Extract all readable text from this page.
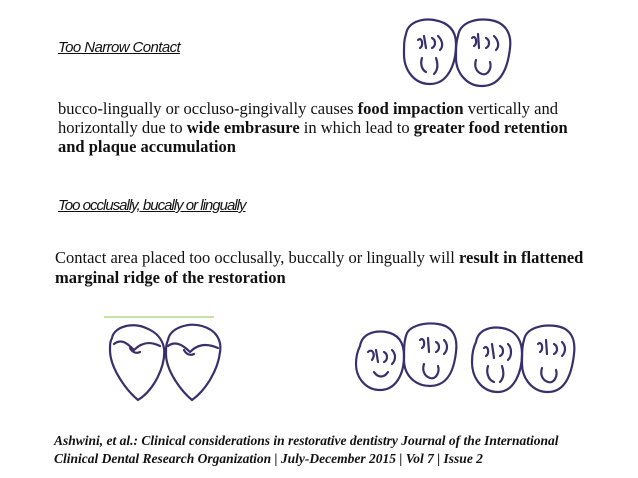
Too Narrow Contact
bucco-lingually or occluso-gingivally causes food impaction vertically and horizontally due to wide embrasure in which lead to greater food retention and plaque accumulation
Too occlusally, bucally or lingually
Contact area placed too occlusally, buccally or lingually will result in flattened marginal ridge of the restoration
Ashwini, et al.: Clinical considerations in restorative dentistry Journal of the International
Clinical Dental Research Organization | July-December 2015 | Vol 7 | Issue 2
